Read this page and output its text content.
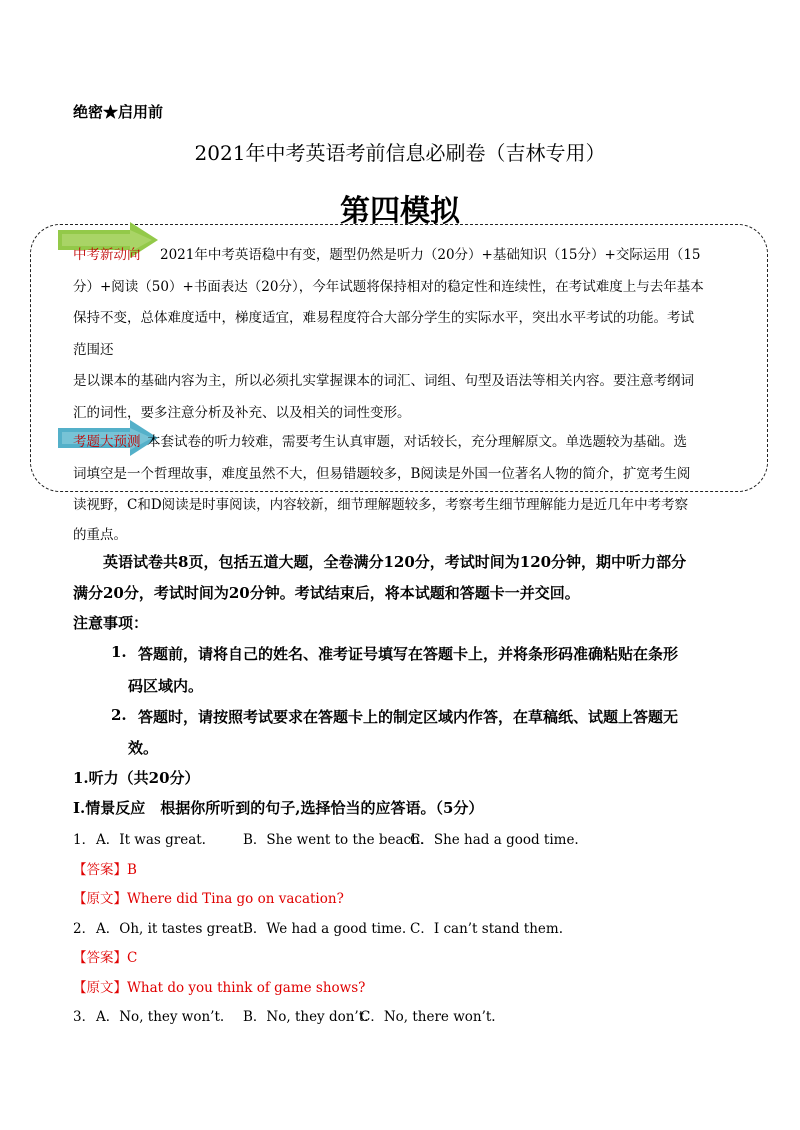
绝密★启用前
2021年中考英语考前信息必刷卷（吉林专用）
第四模拟
中考新动向 2021年中考英语稳中有变，题型仍然是听力（20分）+基础知识（15分）+交际运用（15
分）+阅读（50）+书面表达（20分），今年试题将保持相对的稳定性和连续性，在考试难度上与去年基本
保持不变，总体难度适中，梯度适宜，难易程度符合大部分学生的实际水平，突出水平考试的功能。考试
范围还
是以课本的基础内容为主，所以必须扎实掌握课本的词汇、词组、句型及语法等相关内容。要注意考纲词
汇的词性，要多注意分析及补充、以及相关的词性变形。
考题大预测 本套试卷的听力较难，需要考生认真审题，对话较长，充分理解原文。单选题较为基础。选
词填空是一个哲理故事，难度虽然不大，但易错题较多，B阅读是外国一位著名人物的简介，扩宽考生阅
读视野，C和D阅读是时事阅读，内容较新，细节理解题较多，考察考生细节理解能力是近几年中考考察
的重点。
英语试卷共8页，包括五道大题，全卷满分120分，考试时间为120分钟，期中听力部分
满分20分，考试时间为20分钟。考试结束后，将本试题和答题卡一并交回。
注意事项：
1. 答题前，请将自己的姓名、准考证号填写在答题卡上，并将条形码准确粘贴在条形
码区域内。
2. 答题时，请按照考试要求在答题卡上的制定区域内作答，在草稿纸、试题上答题无
效。
1.听力（共20分）
Ⅰ.情景反应　根据你所听到的句子,选择恰当的应答语。（5分）
1． A．It was great.	B．She went to the beach.
C．She had a good time.
【答案】B
【原文】Where did Tina go on vacation?
2． A．Oh, it tastes great.
B．We had a good time. C．I can’t stand them.
【答案】C
【原文】What do you think of game shows?
3． A．No, they won’t. B．No, they don’t.
C．No, there won’t.
